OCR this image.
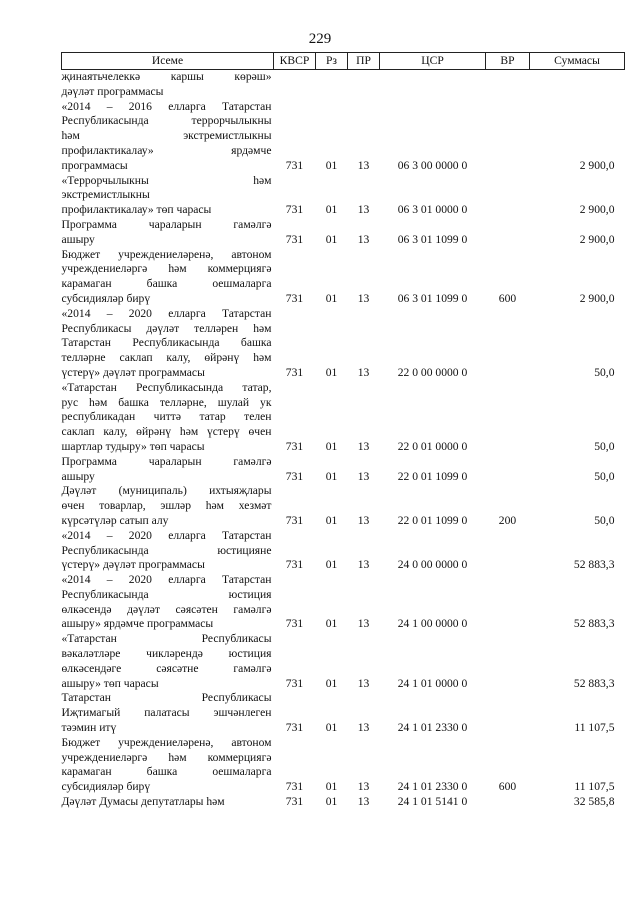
229
Исеме	КВСР	Рз	ПР	ЦСР	ВР	Суммасы

җинаятьчелеккә каршы көрәш»
дәүләт программасы						

«2014 – 2016 елларга Татарстан
Республикасында террорчылыкны
һәм экстремистлыкны
профилактикалау» ярдәмче
программасы	731	01	13	06 3 00 0000 0		2 900,0

«Террорчылыкны һәм
экстремистлыкны
профилактикалау» төп чарасы	731	01	13	06 3 01 0000 0		2 900,0

Программа чараларын гамәлгә
ашыру	731	01	13	06 3 01 1099 0		2 900,0

Бюджет учреждениеләренә, автоном
учреждениеләргә һәм коммерциягә
карамаган башка оешмаларга
субсидияләр бирү	731	01	13	06 3 01 1099 0	600	2 900,0

«2014 – 2020 елларга Татарстан
Республикасы дәүләт телләрен һәм
Татарстан Республикасында башка
телләрне саклап калу, өйрәнү һәм
үстерү» дәүләт программасы	731	01	13	22 0 00 0000 0		50,0

«Татарстан Республикасында татар,
рус һәм башка телләрне, шулай ук
республикадан читтә татар телен
саклап калу, өйрәнү һәм үстерү өчен
шартлар тудыру» төп чарасы	731	01	13	22 0 01 0000 0		50,0

Программа чараларын гамәлгә
ашыру	731	01	13	22 0 01 1099 0		50,0

Дәүләт (муниципаль) ихтыяҗлары
өчен товарлар, эшләр һәм хезмәт
күрсәтүләр сатып алу	731	01	13	22 0 01 1099 0	200	50,0

«2014 – 2020 елларга Татарстан
Республикасында юстицияне
үстерү» дәүләт программасы	731	01	13	24 0 00 0000 0		52 883,3

«2014 – 2020 елларга Татарстан
Республикасында юстиция
өлкәсендә дәүләт сәясәтен гамәлгә
ашыру» ярдәмче программасы	731	01	13	24 1 00 0000 0		52 883,3

«Татарстан Республикасы
вәкаләтләре чикләрендә юстиция
өлкәсендәге сәясәтне гамәлгә
ашыру» төп чарасы	731	01	13	24 1 01 0000 0		52 883,3

Татарстан Республикасы
Иҗтимагый палатасы эшчәнлеген
тәэмин итү	731	01	13	24 1 01 2330 0		11 107,5

Бюджет учреждениеләренә, автоном
учреждениеләргә һәм коммерциягә
карамаган башка оешмаларга
субсидияләр бирү	731	01	13	24 1 01 2330 0	600	11 107,5

Дәүләт Думасы депутатлары һәм	731	01	13	24 1 01 5141 0		32 585,8
